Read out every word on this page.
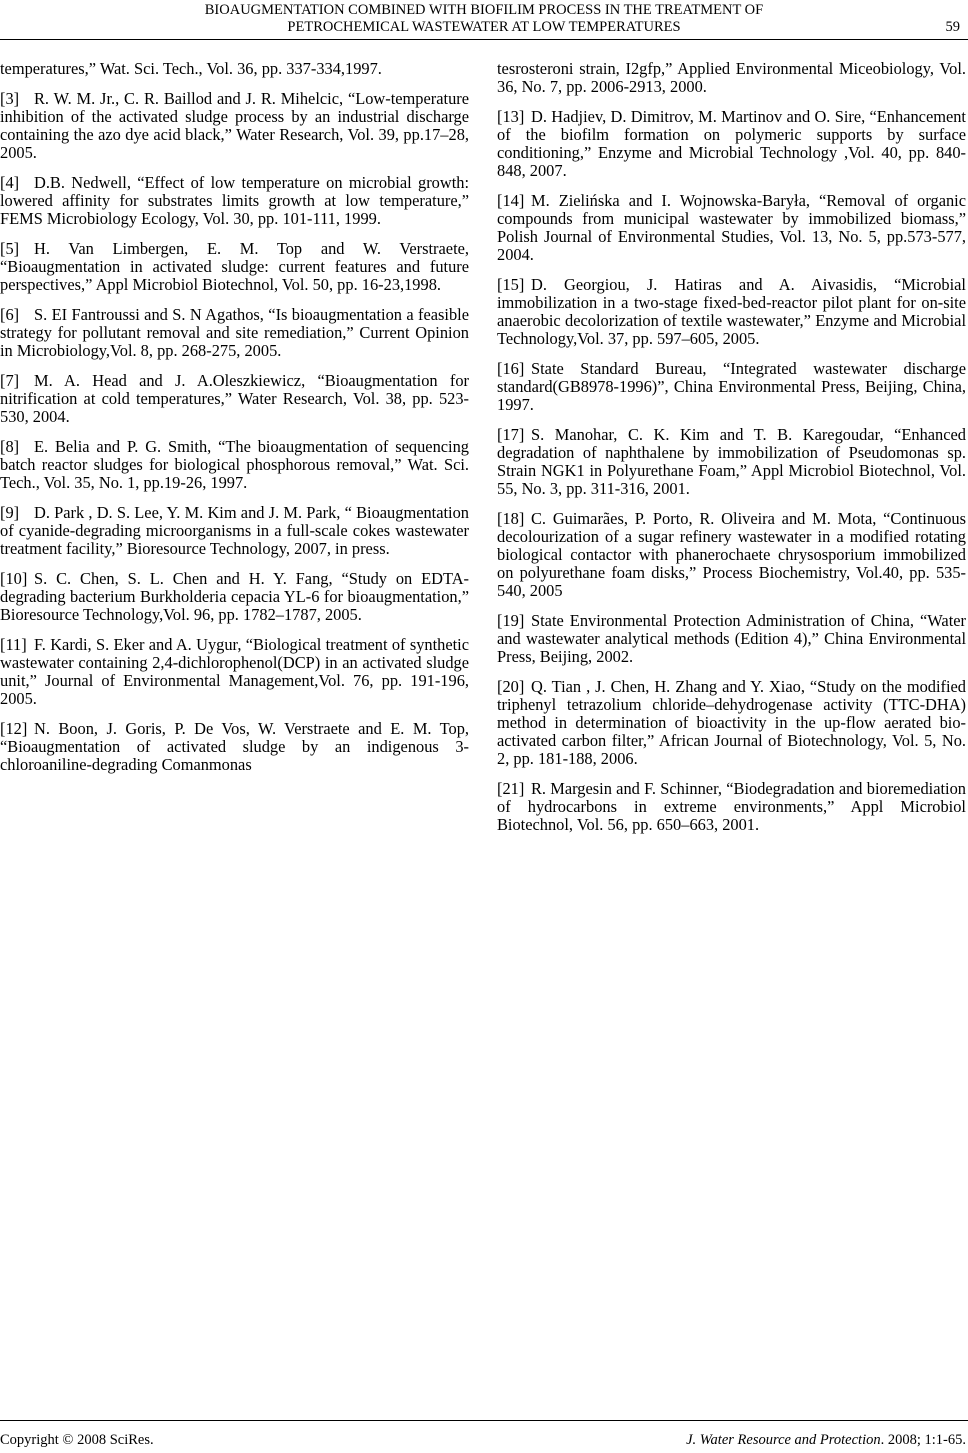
BIOAUGMENTATION COMBINED WITH BIOFILIM PROCESS IN THE TREATMENT OF
PETROCHEMICAL WASTEWATER AT LOW TEMPERATURES	59

temperatures,” Wat. Sci. Tech., Vol. 36, pp. 337-334,1997.

[3] R. W. M. Jr., C. R. Baillod and J. R. Mihelcic, “Low-temperature inhibition of the activated sludge process by an industrial discharge containing the azo dye acid black,” Water Research, Vol. 39, pp.17–28, 2005.

[4] D.B. Nedwell, “Effect of low temperature on microbial growth: lowered affinity for substrates limits growth at low temperature,” FEMS Microbiology Ecology, Vol. 30, pp. 101-111, 1999.

[5] H. Van Limbergen, E. M. Top and W. Verstraete, “Bioaugmentation in activated sludge: current features and future perspectives,” Appl Microbiol Biotechnol, Vol. 50, pp. 16-23,1998.

[6] S. EI Fantroussi and S. N Agathos, “Is bioaugmentation a feasible strategy for pollutant removal and site remediation,” Current Opinion in Microbiology,Vol. 8, pp. 268-275, 2005.

[7] M. A. Head and J. A.Oleszkiewicz, “Bioaugmentation for nitrification at cold temperatures,” Water Research, Vol. 38, pp. 523-530, 2004.

[8] E. Belia and P. G. Smith, “The bioaugmentation of sequencing batch reactor sludges for biological phosphorous removal,” Wat. Sci. Tech., Vol. 35, No. 1, pp.19-26, 1997.

[9] D. Park , D. S. Lee, Y. M. Kim and J. M. Park, “ Bioaugmentation of cyanide-degrading microorganisms in a full-scale cokes wastewater treatment facility,” Bioresource Technology, 2007, in press.

[10] S. C. Chen, S. L. Chen and H. Y. Fang, “Study on EDTA-degrading bacterium Burkholderia cepacia YL-6 for bioaugmentation,” Bioresource Technology,Vol. 96, pp. 1782–1787, 2005.

[11] F. Kardi, S. Eker and A. Uygur, “Biological treatment of synthetic wastewater containing 2,4-dichlorophenol(DCP) in an activated sludge unit,” Journal of Environmental Management,Vol. 76, pp. 191-196, 2005.

[12] N. Boon, J. Goris, P. De Vos, W. Verstraete and E. M. Top, “Bioaugmentation of activated sludge by an indigenous 3-chloroaniline-degrading Comanmonas

tesrosteroni strain, I2gfp,” Applied Environmental Miceobiology, Vol. 36, No. 7, pp. 2006-2913, 2000.

[13] D. Hadjiev, D. Dimitrov, M. Martinov and O. Sire, “Enhancement of the biofilm formation on polymeric supports by surface conditioning,” Enzyme and Microbial Technology ,Vol. 40, pp. 840-848, 2007.

[14] M. Zielińska and I. Wojnowska-Baryła, “Removal of organic compounds from municipal wastewater by immobilized biomass,” Polish Journal of Environmental Studies, Vol. 13, No. 5, pp.573-577, 2004.

[15] D. Georgiou, J. Hatiras and A. Aivasidis, “Microbial immobilization in a two-stage fixed-bed-reactor pilot plant for on-site anaerobic decolorization of textile wastewater,” Enzyme and Microbial Technology,Vol. 37, pp. 597–605, 2005.

[16] State Standard Bureau, “Integrated wastewater discharge standard(GB8978-1996)”, China Environmental Press, Beijing, China, 1997.

[17] S. Manohar, C. K. Kim and T. B. Karegoudar, “Enhanced degradation of naphthalene by immobilization of Pseudomonas sp. Strain NGK1 in Polyurethane Foam,” Appl Microbiol Biotechnol, Vol. 55, No. 3, pp. 311-316, 2001.

[18] C. Guimarães, P. Porto, R. Oliveira and M. Mota, “Continuous decolourization of a sugar refinery wastewater in a modified rotating biological contactor with phanerochaete chrysosporium immobilized on polyurethane foam disks,” Process Biochemistry, Vol.40, pp. 535-540, 2005

[19] State Environmental Protection Administration of China, “Water and wastewater analytical methods (Edition 4),” China Environmental Press, Beijing, 2002.

[20] Q. Tian , J. Chen, H. Zhang and Y. Xiao, “Study on the modified triphenyl tetrazolium chloride–dehydrogenase activity (TTC-DHA) method in determination of bioactivity in the up-flow aerated bio-activated carbon filter,” African Journal of Biotechnology, Vol. 5, No. 2, pp. 181-188, 2006.

[21] R. Margesin and F. Schinner, “Biodegradation and bioremediation of hydrocarbons in extreme environments,” Appl Microbiol Biotechnol, Vol. 56, pp. 650–663, 2001.

Copyright © 2008 SciRes.	J. Water Resource and Protection. 2008; 1:1-65.
